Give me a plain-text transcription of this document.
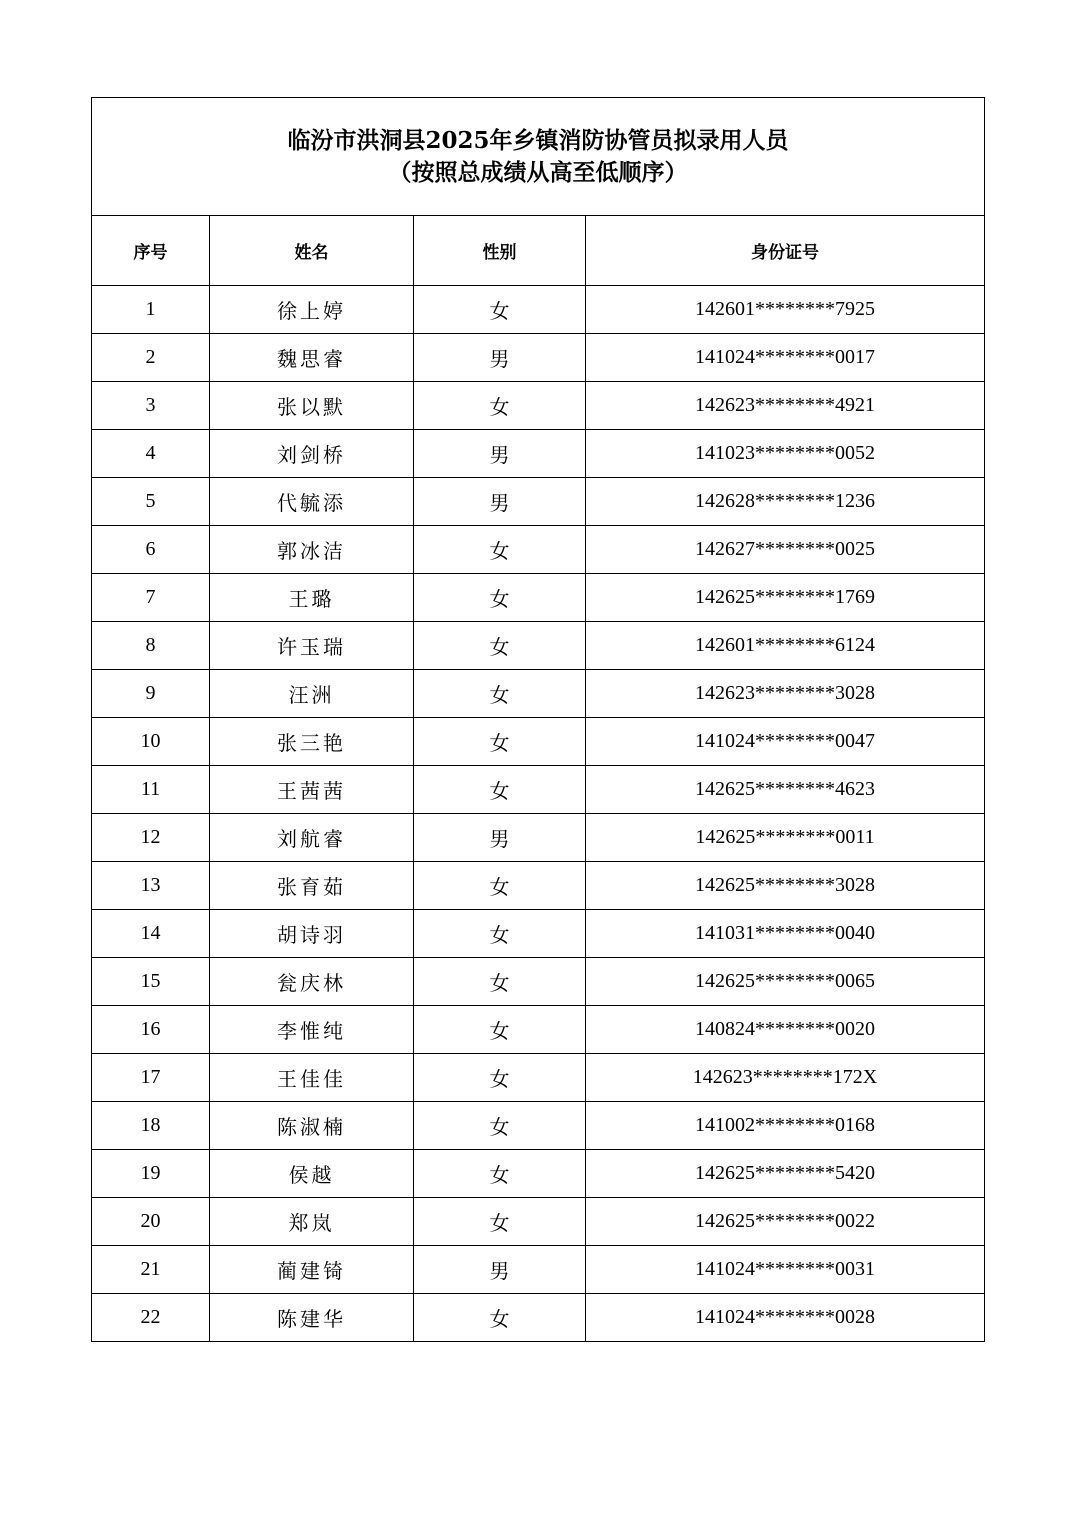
临汾市洪洞县2025年乡镇消防协管员拟录用人员
（按照总成绩从高至低顺序）			

序号	姓名	性别	身份证号
1	徐上婷	女	142601********7925
2	魏思睿	男	141024********0017
3	张以默	女	142623********4921
4	刘剑桥	男	141023********0052
5	代毓添	男	142628********1236
6	郭冰洁	女	142627********0025
7	王璐	女	142625********1769
8	许玉瑞	女	142601********6124
9	汪洲	女	142623********3028
10	张三艳	女	141024********0047
11	王茜茜	女	142625********4623
12	刘航睿	男	142625********0011
13	张育茹	女	142625********3028
14	胡诗羽	女	141031********0040
15	瓮庆林	女	142625********0065
16	李惟纯	女	140824********0020
17	王佳佳	女	142623********172X
18	陈淑楠	女	141002********0168
19	侯越	女	142625********5420
20	郑岚	女	142625********0022
21	蔺建锜	男	141024********0031
22	陈建华	女	141024********0028
